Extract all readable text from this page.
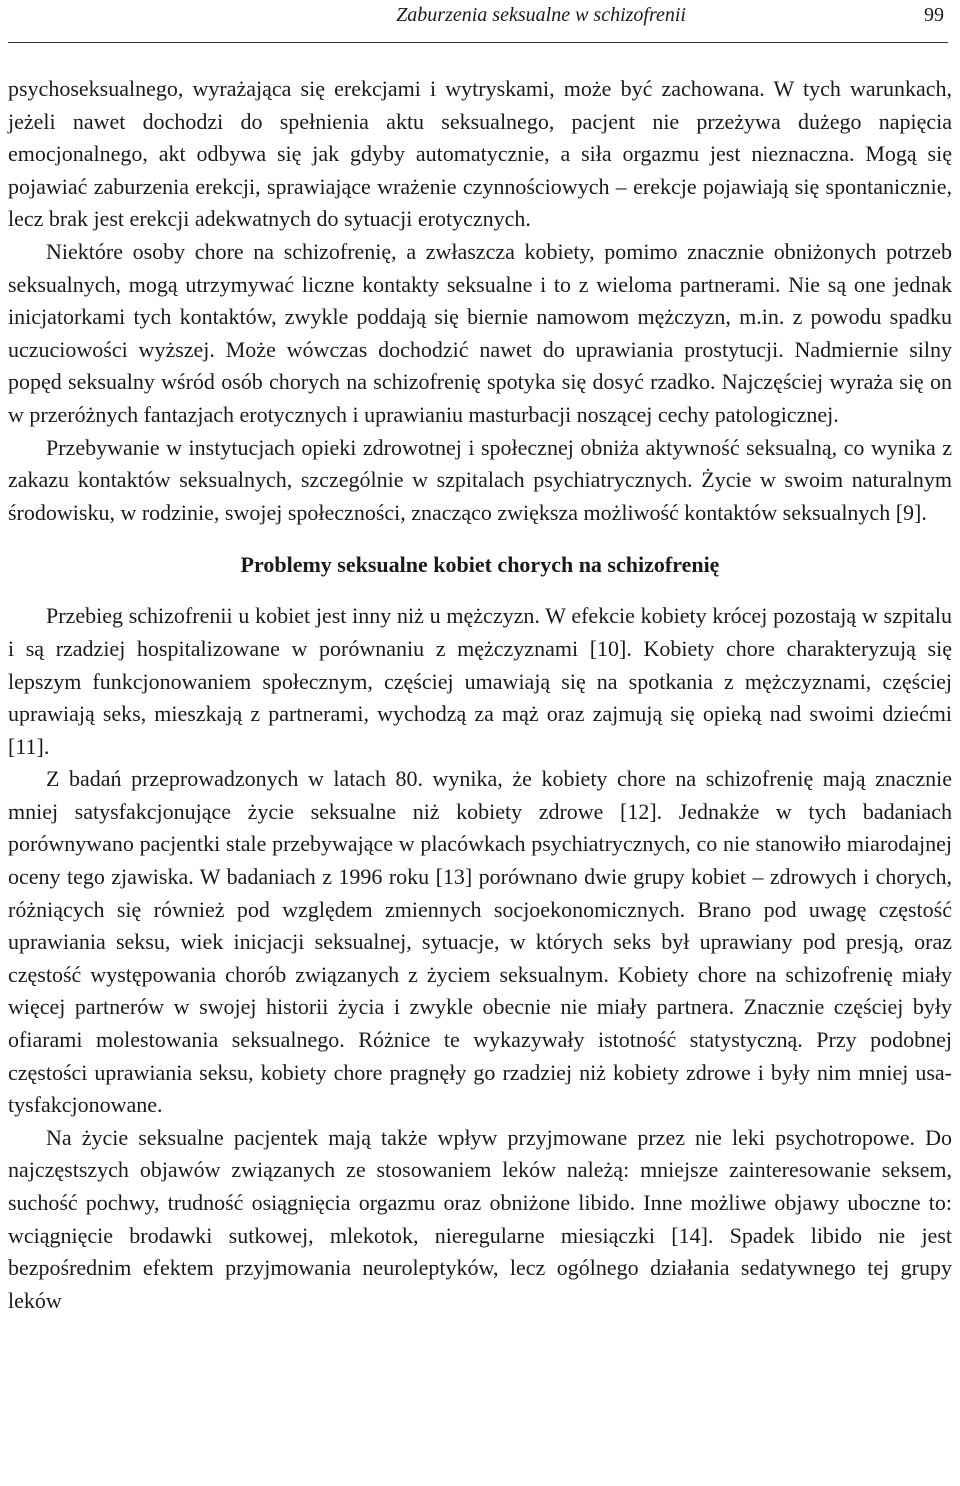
Zaburzenia seksualne w schizofrenii	99

psychoseksualnego, wyrażająca się erekcjami i wytryskami, może być zachowana. W tych warunkach, jeżeli nawet dochodzi do spełnienia aktu seksualnego, pacjent nie przeżywa dużego napięcia emocjonalnego, akt odbywa się jak gdyby automatycznie, a siła orgazmu jest nieznaczna. Mogą się pojawiać zaburzenia erekcji, sprawiające wrażenie czynnościowych – erekcje pojawiają się spontanicznie, lecz brak jest erekcji adekwatnych do sytuacji erotycznych.

Niektóre osoby chore na schizofrenię, a zwłaszcza kobiety, pomimo znacznie obniżonych potrzeb seksualnych, mogą utrzymywać liczne kontakty seksualne i to z wieloma partnerami. Nie są one jednak inicjatorkami tych kontaktów, zwykle poddają się biernie namowom mężczyzn, m.in. z powodu spadku uczuciowości wyższej. Może wówczas dochodzić nawet do uprawiania prostytucji. Nadmiernie silny popęd seksualny wśród osób chorych na schizofrenię spotyka się dosyć rzadko. Najczęściej wyraża się on w przeróżnych fantazjach erotycznych i uprawianiu masturbacji noszącej cechy patologicznej.

Przebywanie w instytucjach opieki zdrowotnej i społecznej obniża aktywność seksualną, co wynika z zakazu kontaktów seksualnych, szczególnie w szpitalach psychiatrycznych. Życie w swoim naturalnym środowisku, w rodzinie, swojej społeczności, znacząco zwiększa możliwość kontaktów seksualnych [9].

Problemy seksualne kobiet chorych na schizofrenię

Przebieg schizofrenii u kobiet jest inny niż u mężczyzn. W efekcie kobiety krócej pozostają w szpitalu i są rzadziej hospitalizowane w porównaniu z mężczyznami [10]. Kobiety chore charakteryzują się lepszym funkcjonowaniem społecznym, częściej umawiają się na spotkania z mężczyznami, częściej uprawiają seks, mieszkają z partnerami, wychodzą za mąż oraz zajmują się opieką nad swoimi dziećmi [11].

Z badań przeprowadzonych w latach 80. wynika, że kobiety chore na schizofrenię mają znacznie mniej satysfakcjonujące życie seksualne niż kobiety zdrowe [12]. Jednakże w tych badaniach porównywano pacjentki stale przebywające w placówkach psychiatrycznych, co nie stanowiło miarodajnej oceny tego zjawiska. W badaniach z 1996 roku [13] porównano dwie grupy kobiet – zdrowych i chorych, różniących się również pod względem zmiennych socjoekonomicznych. Brano pod uwagę częstość uprawiania seksu, wiek inicjacji seksualnej, sytuacje, w których seks był uprawiany pod presją, oraz częstość występowania chorób związanych z życiem seksualnym. Kobiety chore na schizofrenię miały więcej partnerów w swojej historii życia i zwykle obecnie nie miały partnera. Znacznie częściej były ofiarami molestowania seksualnego. Różnice te wykazywały istotność statystyczną. Przy podobnej częstości uprawiania seksu, kobiety chore pragnęły go rzadziej niż kobiety zdrowe i były nim mniej usatysfakcjonowane.

Na życie seksualne pacjentek mają także wpływ przyjmowane przez nie leki psychotropowe. Do najczęstszych objawów związanych ze stosowaniem leków należą: mniejsze zainteresowanie seksem, suchość pochwy, trudność osiągnięcia orgazmu oraz obniżone libido. Inne możliwe objawy uboczne to: wciągnięcie brodawki sutkowej, mlekotok, nieregularne miesiączki [14]. Spadek libido nie jest bezpośrednim efektem przyjmowania neuroleptyków, lecz ogólnego działania sedatywnego tej grupy leków
